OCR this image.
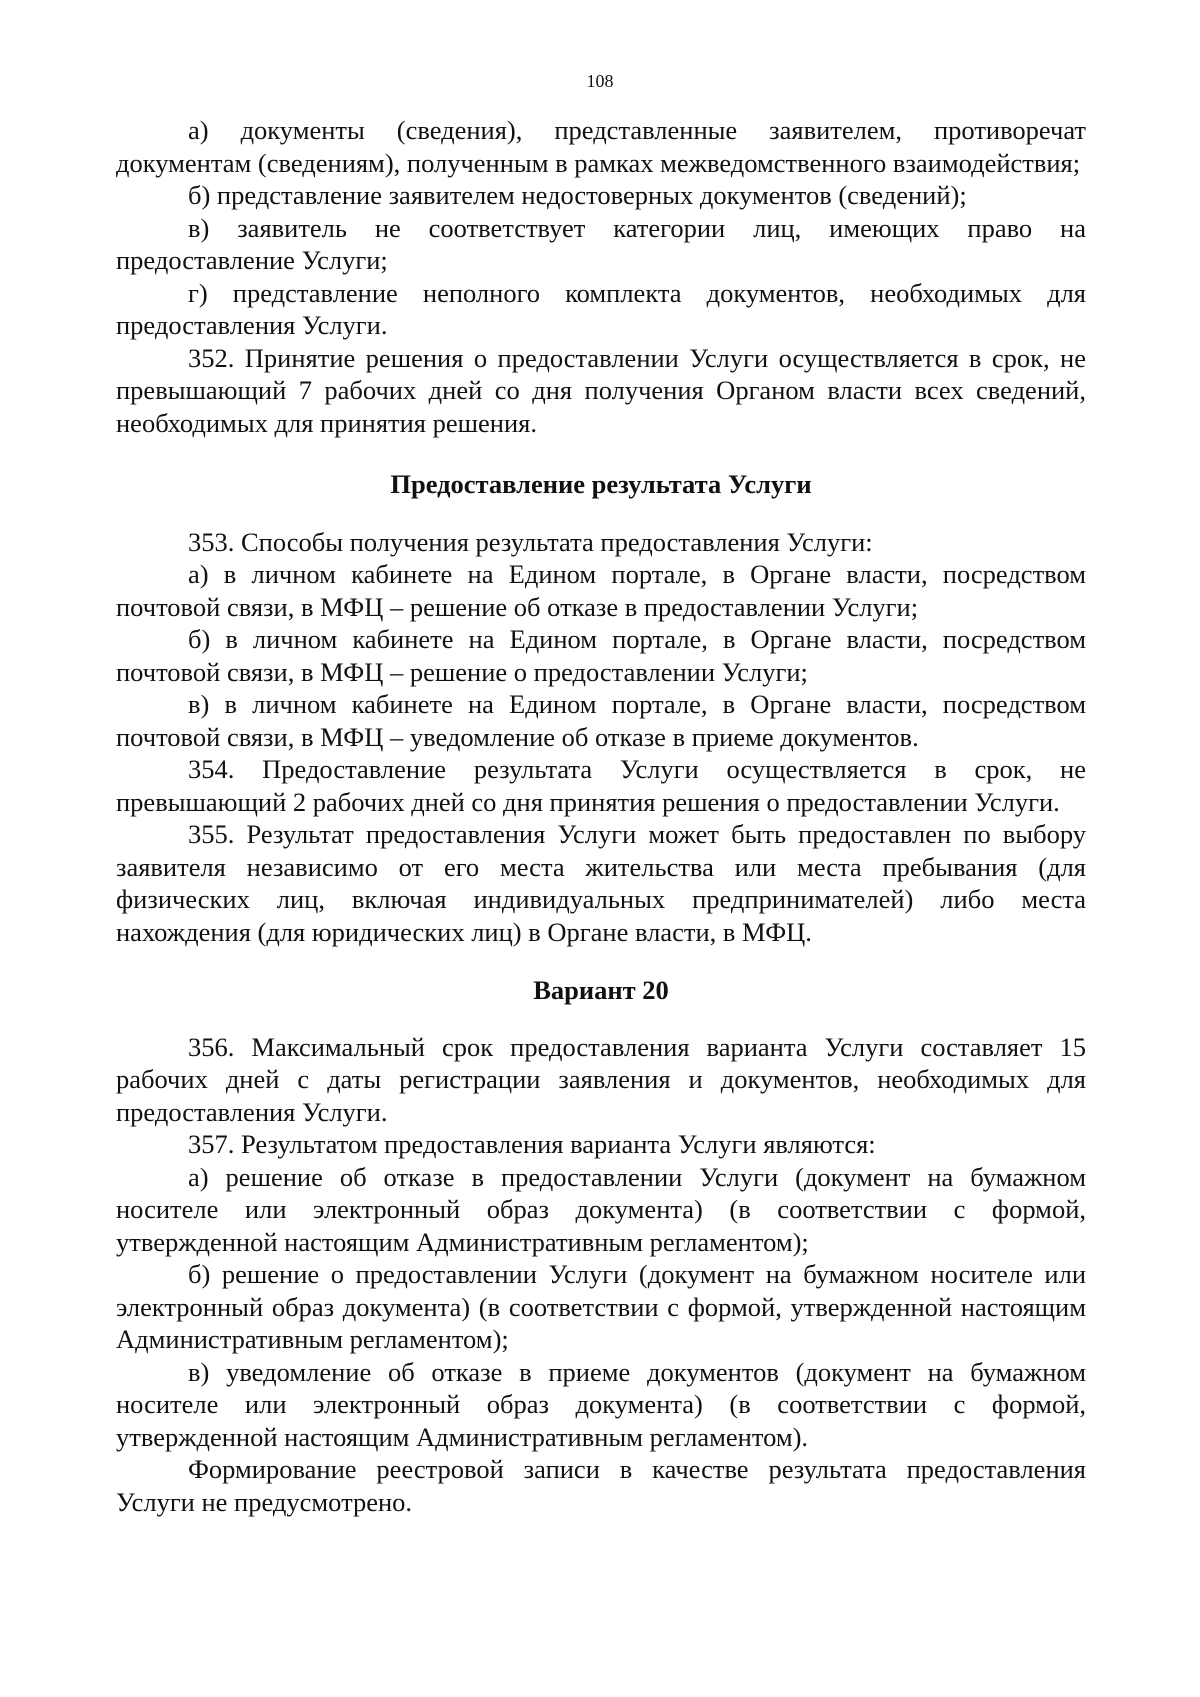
108

а) документы (сведения), представленные заявителем, противоречат документам (сведениям), полученным в рамках межведомственного взаимодействия;

б) представление заявителем недостоверных документов (сведений);

в) заявитель не соответствует категории лиц, имеющих право на предоставление Услуги;

г) представление неполного комплекта документов, необходимых для предоставления Услуги.

352. Принятие решения о предоставлении Услуги осуществляется в срок, не превышающий 7 рабочих дней со дня получения Органом власти всех сведений, необходимых для принятия решения.

Предоставление результата Услуги

353. Способы получения результата предоставления Услуги:

а) в личном кабинете на Едином портале, в Органе власти, посредством почтовой связи, в МФЦ – решение об отказе в предоставлении Услуги;

б) в личном кабинете на Едином портале, в Органе власти, посредством почтовой связи, в МФЦ – решение о предоставлении Услуги;

в) в личном кабинете на Едином портале, в Органе власти, посредством почтовой связи, в МФЦ – уведомление об отказе в приеме документов.

354. Предоставление результата Услуги осуществляется в срок, не превышающий 2 рабочих дней со дня принятия решения о предоставлении Услуги.

355. Результат предоставления Услуги может быть предоставлен по выбору заявителя независимо от его места жительства или места пребывания (для физических лиц, включая индивидуальных предпринимателей) либо места нахождения (для юридических лиц) в Органе власти, в МФЦ.

Вариант 20

356. Максимальный срок предоставления варианта Услуги составляет 15 рабочих дней с даты регистрации заявления и документов, необходимых для предоставления Услуги.

357. Результатом предоставления варианта Услуги являются:

а) решение об отказе в предоставлении Услуги (документ на бумажном носителе или электронный образ документа) (в соответствии с формой, утвержденной настоящим Административным регламентом);

б) решение о предоставлении Услуги (документ на бумажном носителе или электронный образ документа) (в соответствии с формой, утвержденной настоящим Административным регламентом);

в) уведомление об отказе в приеме документов (документ на бумажном носителе или электронный образ документа) (в соответствии с формой, утвержденной настоящим Административным регламентом).

Формирование реестровой записи в качестве результата предоставления Услуги не предусмотрено.
